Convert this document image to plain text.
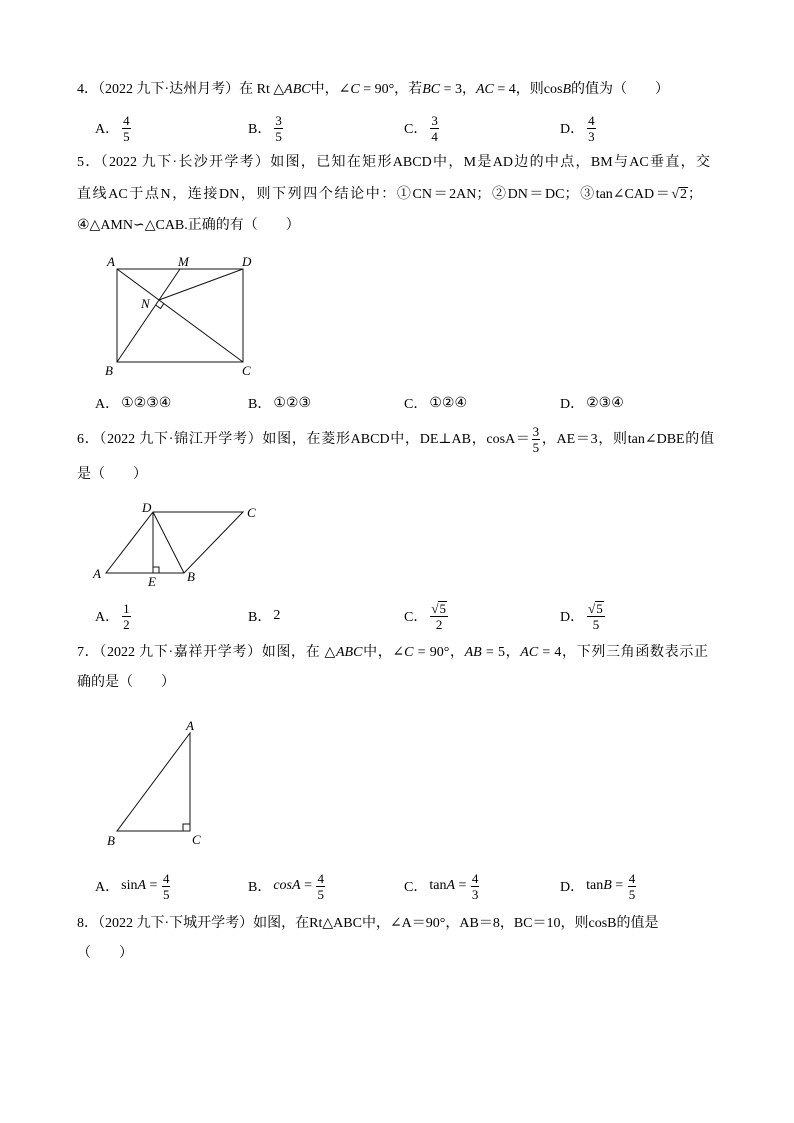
A	M	D
N
B	C
D	C
A
E B
A
B	C
4．（2022 九下·达州月考）在 Rt △ABC中，∠C = 90°，若BC = 3，AC = 4，则cosB的值为（　　）
A． $\frac{4}{5}$	B． $\frac{3}{5}$	C． $\frac{3}{4}$	D． $\frac{4}{3}$
5．（2022 九下·长沙开学考）如图，已知在矩形ABCD中，M是AD边的中点，BM与AC垂直，交
直线AC于点N，连接DN，则下列四个结论中：①CN＝2AN；②DN＝DC；③tan∠CAD＝√2；
④△AMN∽△CAB.正确的有（　　）
A． ①②③④	B． ①②③	C． ①②④	D． ②③④
6．（2022 九下·锦江开学考）如图，在菱形ABCD中，DE⊥AB，$\cos A= \frac{3}{5}$ ，AE＝3，则tan∠DBE的值
是（　　）
A． $\frac{1}{2}$	B． 2	C． $\frac{√5}{2}$	D． $\frac{√5}{5}$
7．（2022 九下·嘉祥开学考）如图，在 △ABC中，∠C = 90°，AB = 5，AC = 4，下列三角函数表示正
确的是（　　）
A． $\sin A = \frac{4}{5}$	B． $\cos A = \frac{4}{5}$	C． $\tan A = \frac{4}{3}$	D． $\tan B = \frac{4}{5}$
8．（2022 九下·下城开学考）如图，在Rt△ABC中，∠A＝90°，AB＝8，BC＝10，则cosB的值是
（　　）
